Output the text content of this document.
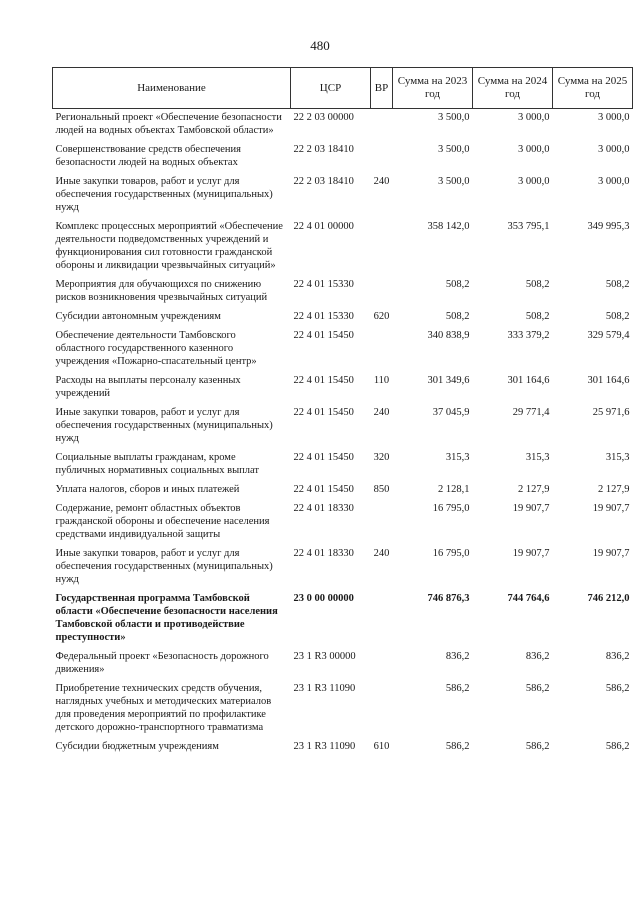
480
Наименование	ЦСР	ВР	Сумма на 2023 год	Сумма на 2024 год	Сумма на 2025 год
Региональный проект «Обеспечение безопасности людей на водных объектах Тамбовской области»	22 2 03 00000		3 500,0	3 000,0	3 000,0
Совершенствование средств обеспечения безопасности людей на водных объектах	22 2 03 18410		3 500,0	3 000,0	3 000,0
Иные закупки товаров, работ и услуг для обеспечения государственных (муниципальных) нужд	22 2 03 18410	240	3 500,0	3 000,0	3 000,0
Комплекс процессных мероприятий «Обеспечение деятельности подведомственных учреждений и функционирования сил готовности гражданской обороны и ликвидации чрезвычайных ситуаций»	22 4 01 00000		358 142,0	353 795,1	349 995,3
Мероприятия для обучающихся по снижению рисков возникновения чрезвычайных ситуаций	22 4 01 15330		508,2	508,2	508,2
Субсидии автономным учреждениям	22 4 01 15330	620	508,2	508,2	508,2
Обеспечение деятельности Тамбовского областного государственного казенного учреждения «Пожарно-спасательный центр»	22 4 01 15450		340 838,9	333 379,2	329 579,4
Расходы на выплаты персоналу казенных учреждений	22 4 01 15450	110	301 349,6	301 164,6	301 164,6
Иные закупки товаров, работ и услуг для обеспечения государственных (муниципальных) нужд	22 4 01 15450	240	37 045,9	29 771,4	25 971,6
Социальные выплаты гражданам, кроме публичных нормативных социальных выплат	22 4 01 15450	320	315,3	315,3	315,3
Уплата налогов, сборов и иных платежей	22 4 01 15450	850	2 128,1	2 127,9	2 127,9
Содержание, ремонт областных объектов гражданской обороны и обеспечение населения средствами индивидуальной защиты	22 4 01 18330		16 795,0	19 907,7	19 907,7
Иные закупки товаров, работ и услуг для обеспечения государственных (муниципальных) нужд	22 4 01 18330	240	16 795,0	19 907,7	19 907,7
Государственная программа Тамбовской области «Обеспечение безопасности населения Тамбовской области и противодействие преступности»	23 0 00 00000		746 876,3	744 764,6	746 212,0
Федеральный проект «Безопасность дорожного движения»	23 1 R3 00000		836,2	836,2	836,2
Приобретение технических средств обучения, наглядных учебных и методических материалов для проведения мероприятий по профилактике детского дорожно-транспортного травматизма	23 1 R3 11090		586,2	586,2	586,2
Субсидии бюджетным учреждениям	23 1 R3 11090	610	586,2	586,2	586,2
